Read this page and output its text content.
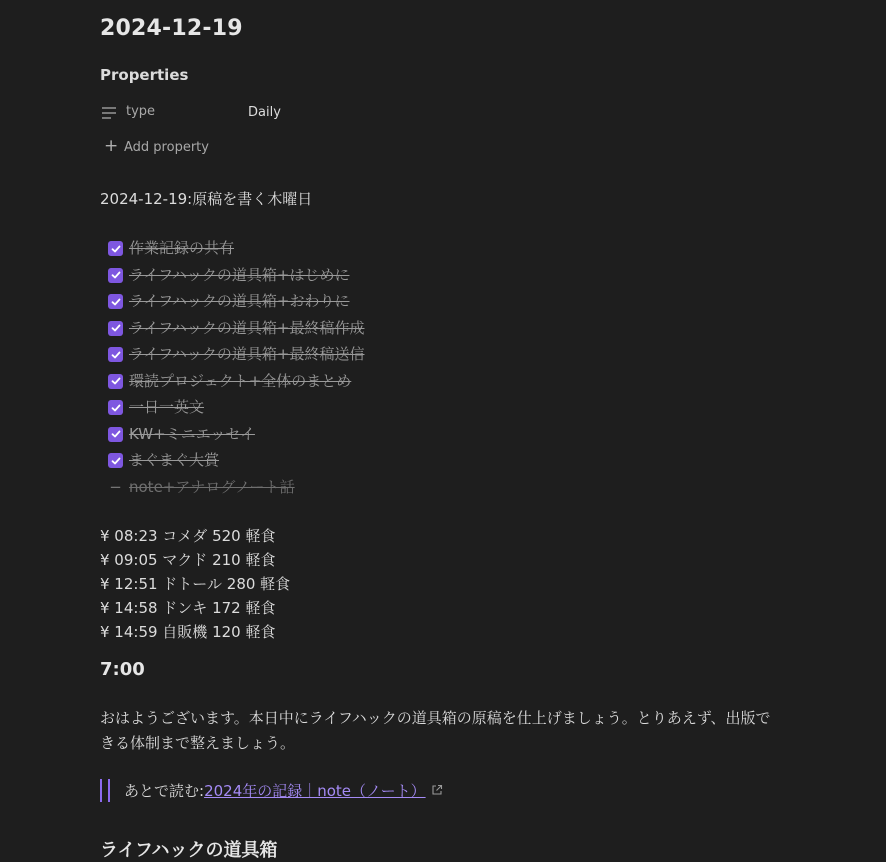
2024-12-19
Properties
type	Daily
+ Add property
2024-12-19:原稿を書く木曜日
作業記録の共有
ライフハックの道具箱+はじめに
ライフハックの道具箱+おわりに
ライフハックの道具箱+最終稿作成
ライフハックの道具箱+最終稿送信
環読プロジェクト+全体のまとめ
一日一英文
KW+ミニエッセイ
まぐまぐ大賞
− note+アナログノート話
¥ 08:23 コメダ 520 軽食
¥ 09:05 マクド 210 軽食
¥ 12:51 ドトール 280 軽食
¥ 14:58 ドンキ 172 軽食
¥ 14:59 自販機 120 軽食
7:00
おはようございます。本日中にライフハックの道具箱の原稿を仕上げましょう。とりあえず、出版できる体制まで整えましょう。
あとで読む: 2024年の記録｜note（ノート）
ライフハックの道具箱
